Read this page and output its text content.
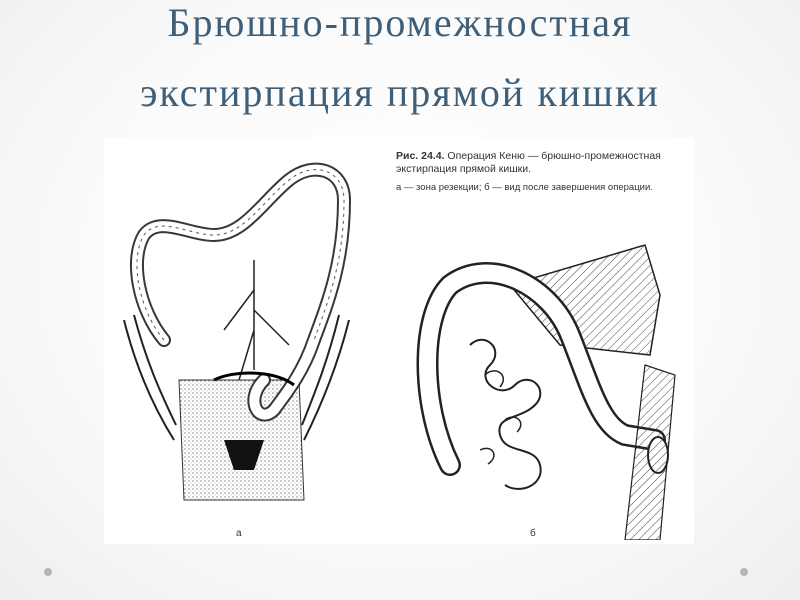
Брюшно-промежностная
экстирпация прямой кишки
а
Рис. 24.4. Операция Кеню — брюшно-промежностная экстирпация прямой кишки.
а — зона резекции; б — вид после завершения операции.
б
